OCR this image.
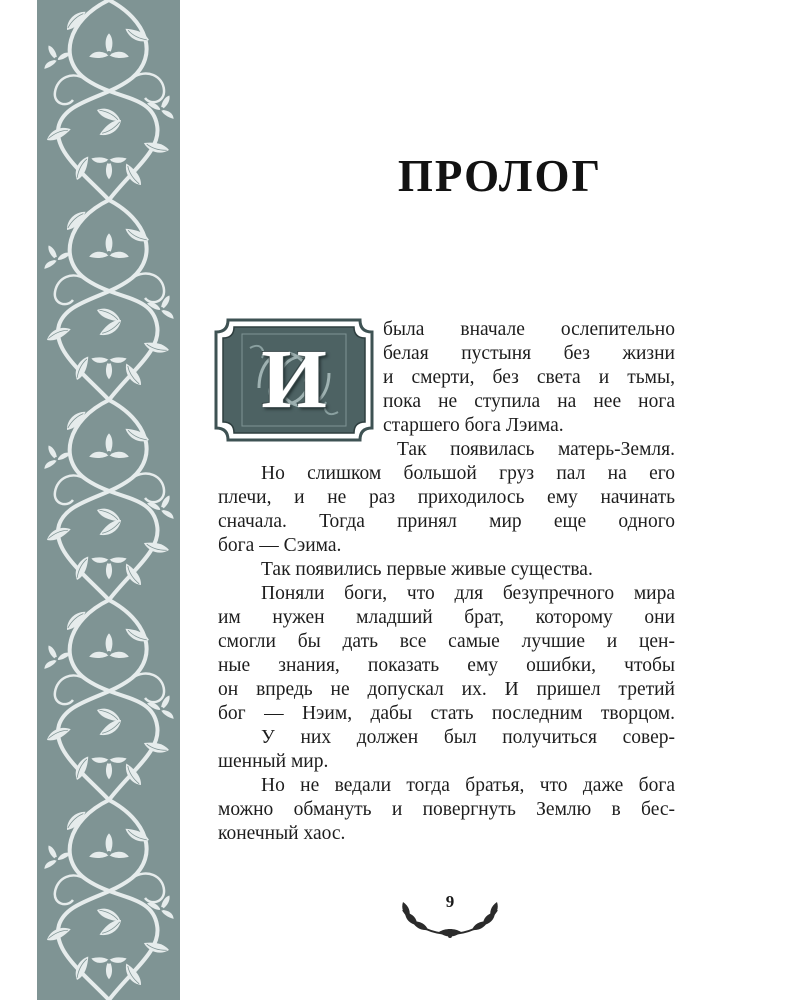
ПРОЛОГ
И
была вначале ослепительно
белая пустыня без жизни
и смерти, без света и тьмы,
пока не ступила на нее нога
старшего бога Лэима.
Так появилась матерь-Земля.
Но слишком большой груз пал на его
плечи, и не раз приходилось ему начинать
сначала. Тогда принял мир еще одного
бога — Сэима.
Так появились первые живые существа.
Поняли боги, что для безупречного мира
им нужен младший брат, которому они
смогли бы дать все самые лучшие и цен-
ные знания, показать ему ошибки, чтобы
он впредь не допускал их. И пришел третий
бог — Нэим, дабы стать последним творцом.
У них должен был получиться совер-
шенный мир.
Но не ведали тогда братья, что даже бога
можно обмануть и повергнуть Землю в бес-
конечный хаос.
9
